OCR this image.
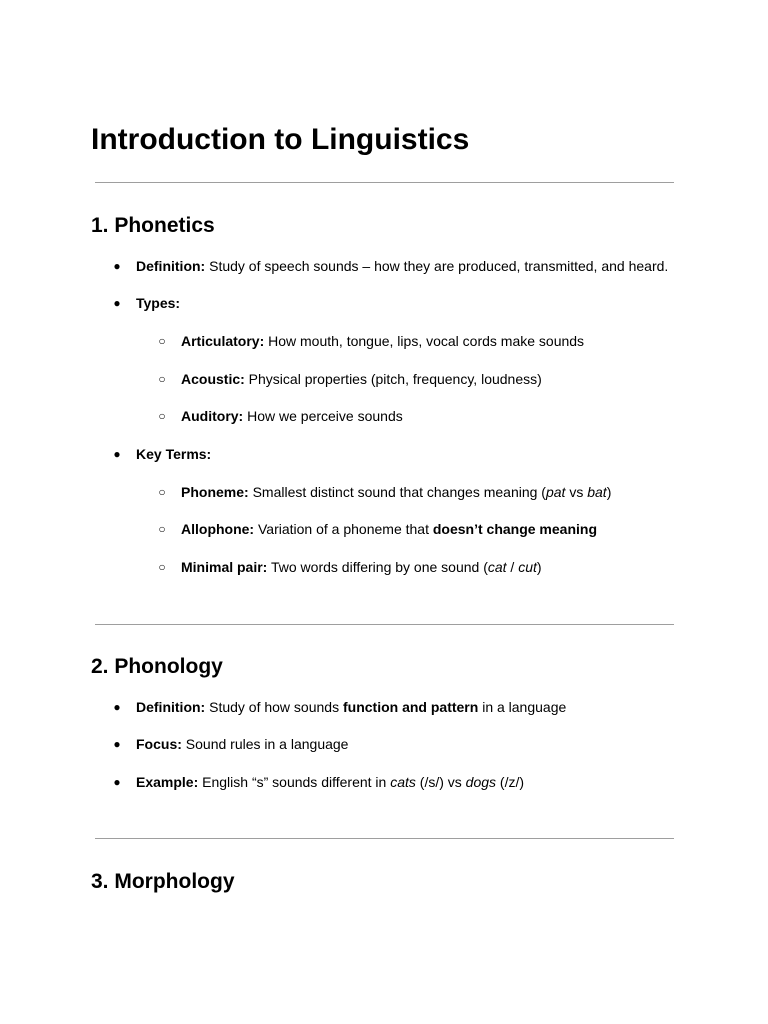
Introduction to Linguistics
1. Phonetics
●	Definition: Study of speech sounds – how they are produced, transmitted, and heard.
●	Types:
○	Articulatory: How mouth, tongue, lips, vocal cords make sounds
○	Acoustic: Physical properties (pitch, frequency, loudness)
○	Auditory: How we perceive sounds
●	Key Terms:
○	Phoneme: Smallest distinct sound that changes meaning (pat vs bat)
○	Allophone: Variation of a phoneme that doesn’t change meaning
○	Minimal pair: Two words differing by one sound (cat / cut)
2. Phonology
●	Definition: Study of how sounds function and pattern in a language
●	Focus: Sound rules in a language
●	Example: English “s” sounds different in cats (/s/) vs dogs (/z/)
3. Morphology
